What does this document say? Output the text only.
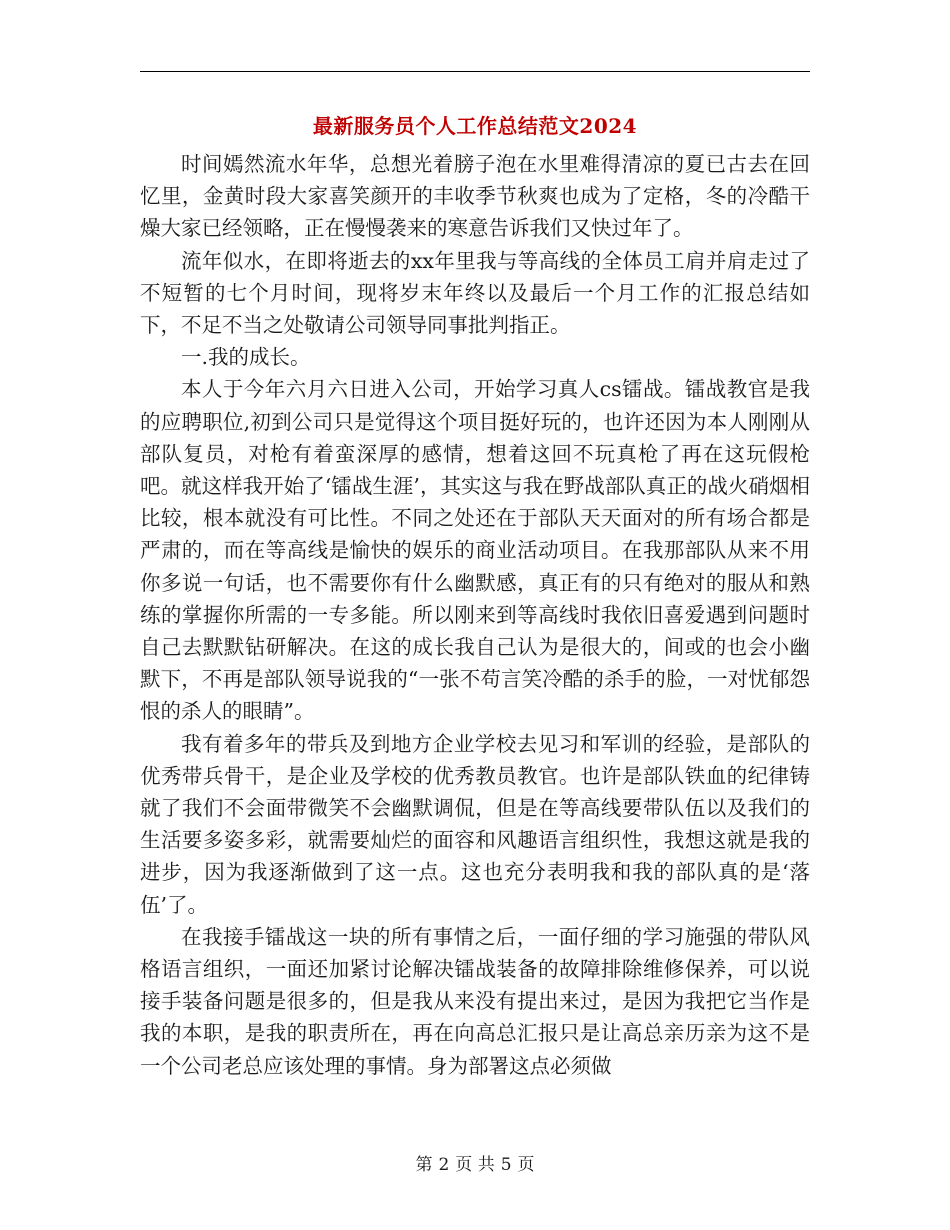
最新服务员个人工作总结范文2024

时间嫣然流水年华，总想光着膀子泡在水里难得清凉的夏已古去在回忆里，金黄时段大家喜笑颜开的丰收季节秋爽也成为了定格，冬的冷酷干燥大家已经领略，正在慢慢袭来的寒意告诉我们又快过年了。

流年似水，在即将逝去的xx年里我与等高线的全体员工肩并肩走过了不短暂的七个月时间，现将岁末年终以及最后一个月工作的汇报总结如下，不足不当之处敬请公司领导同事批判指正。

一.我的成长。

本人于今年六月六日进入公司，开始学习真人cs镭战。镭战教官是我的应聘职位,初到公司只是觉得这个项目挺好玩的，也许还因为本人刚刚从部队复员，对枪有着蛮深厚的感情，想着这回不玩真枪了再在这玩假枪吧。就这样我开始了‘镭战生涯’，其实这与我在野战部队真正的战火硝烟相比较，根本就没有可比性。不同之处还在于部队天天面对的所有场合都是严肃的，而在等高线是愉快的娱乐的商业活动项目。在我那部队从来不用你多说一句话，也不需要你有什么幽默感，真正有的只有绝对的服从和熟练的掌握你所需的一专多能。所以刚来到等高线时我依旧喜爱遇到问题时自己去默默钻研解决。在这的成长我自己认为是很大的，间或的也会小幽默下，不再是部队领导说我的“一张不苟言笑冷酷的杀手的脸，一对忧郁怨恨的杀人的眼睛”。

我有着多年的带兵及到地方企业学校去见习和军训的经验，是部队的优秀带兵骨干，是企业及学校的优秀教员教官。也许是部队铁血的纪律铸就了我们不会面带微笑不会幽默调侃，但是在等高线要带队伍以及我们的生活要多姿多彩，就需要灿烂的面容和风趣语言组织性，我想这就是我的进步，因为我逐渐做到了这一点。这也充分表明我和我的部队真的是‘落伍’了。

在我接手镭战这一块的所有事情之后，一面仔细的学习施强的带队风格语言组织，一面还加紧讨论解决镭战装备的故障排除维修保养，可以说接手装备问题是很多的，但是我从来没有提出来过，是因为我把它当作是我的本职，是我的职责所在，再在向高总汇报只是让高总亲历亲为这不是一个公司老总应该处理的事情。身为部署这点必须做

第 2 页 共 5 页
